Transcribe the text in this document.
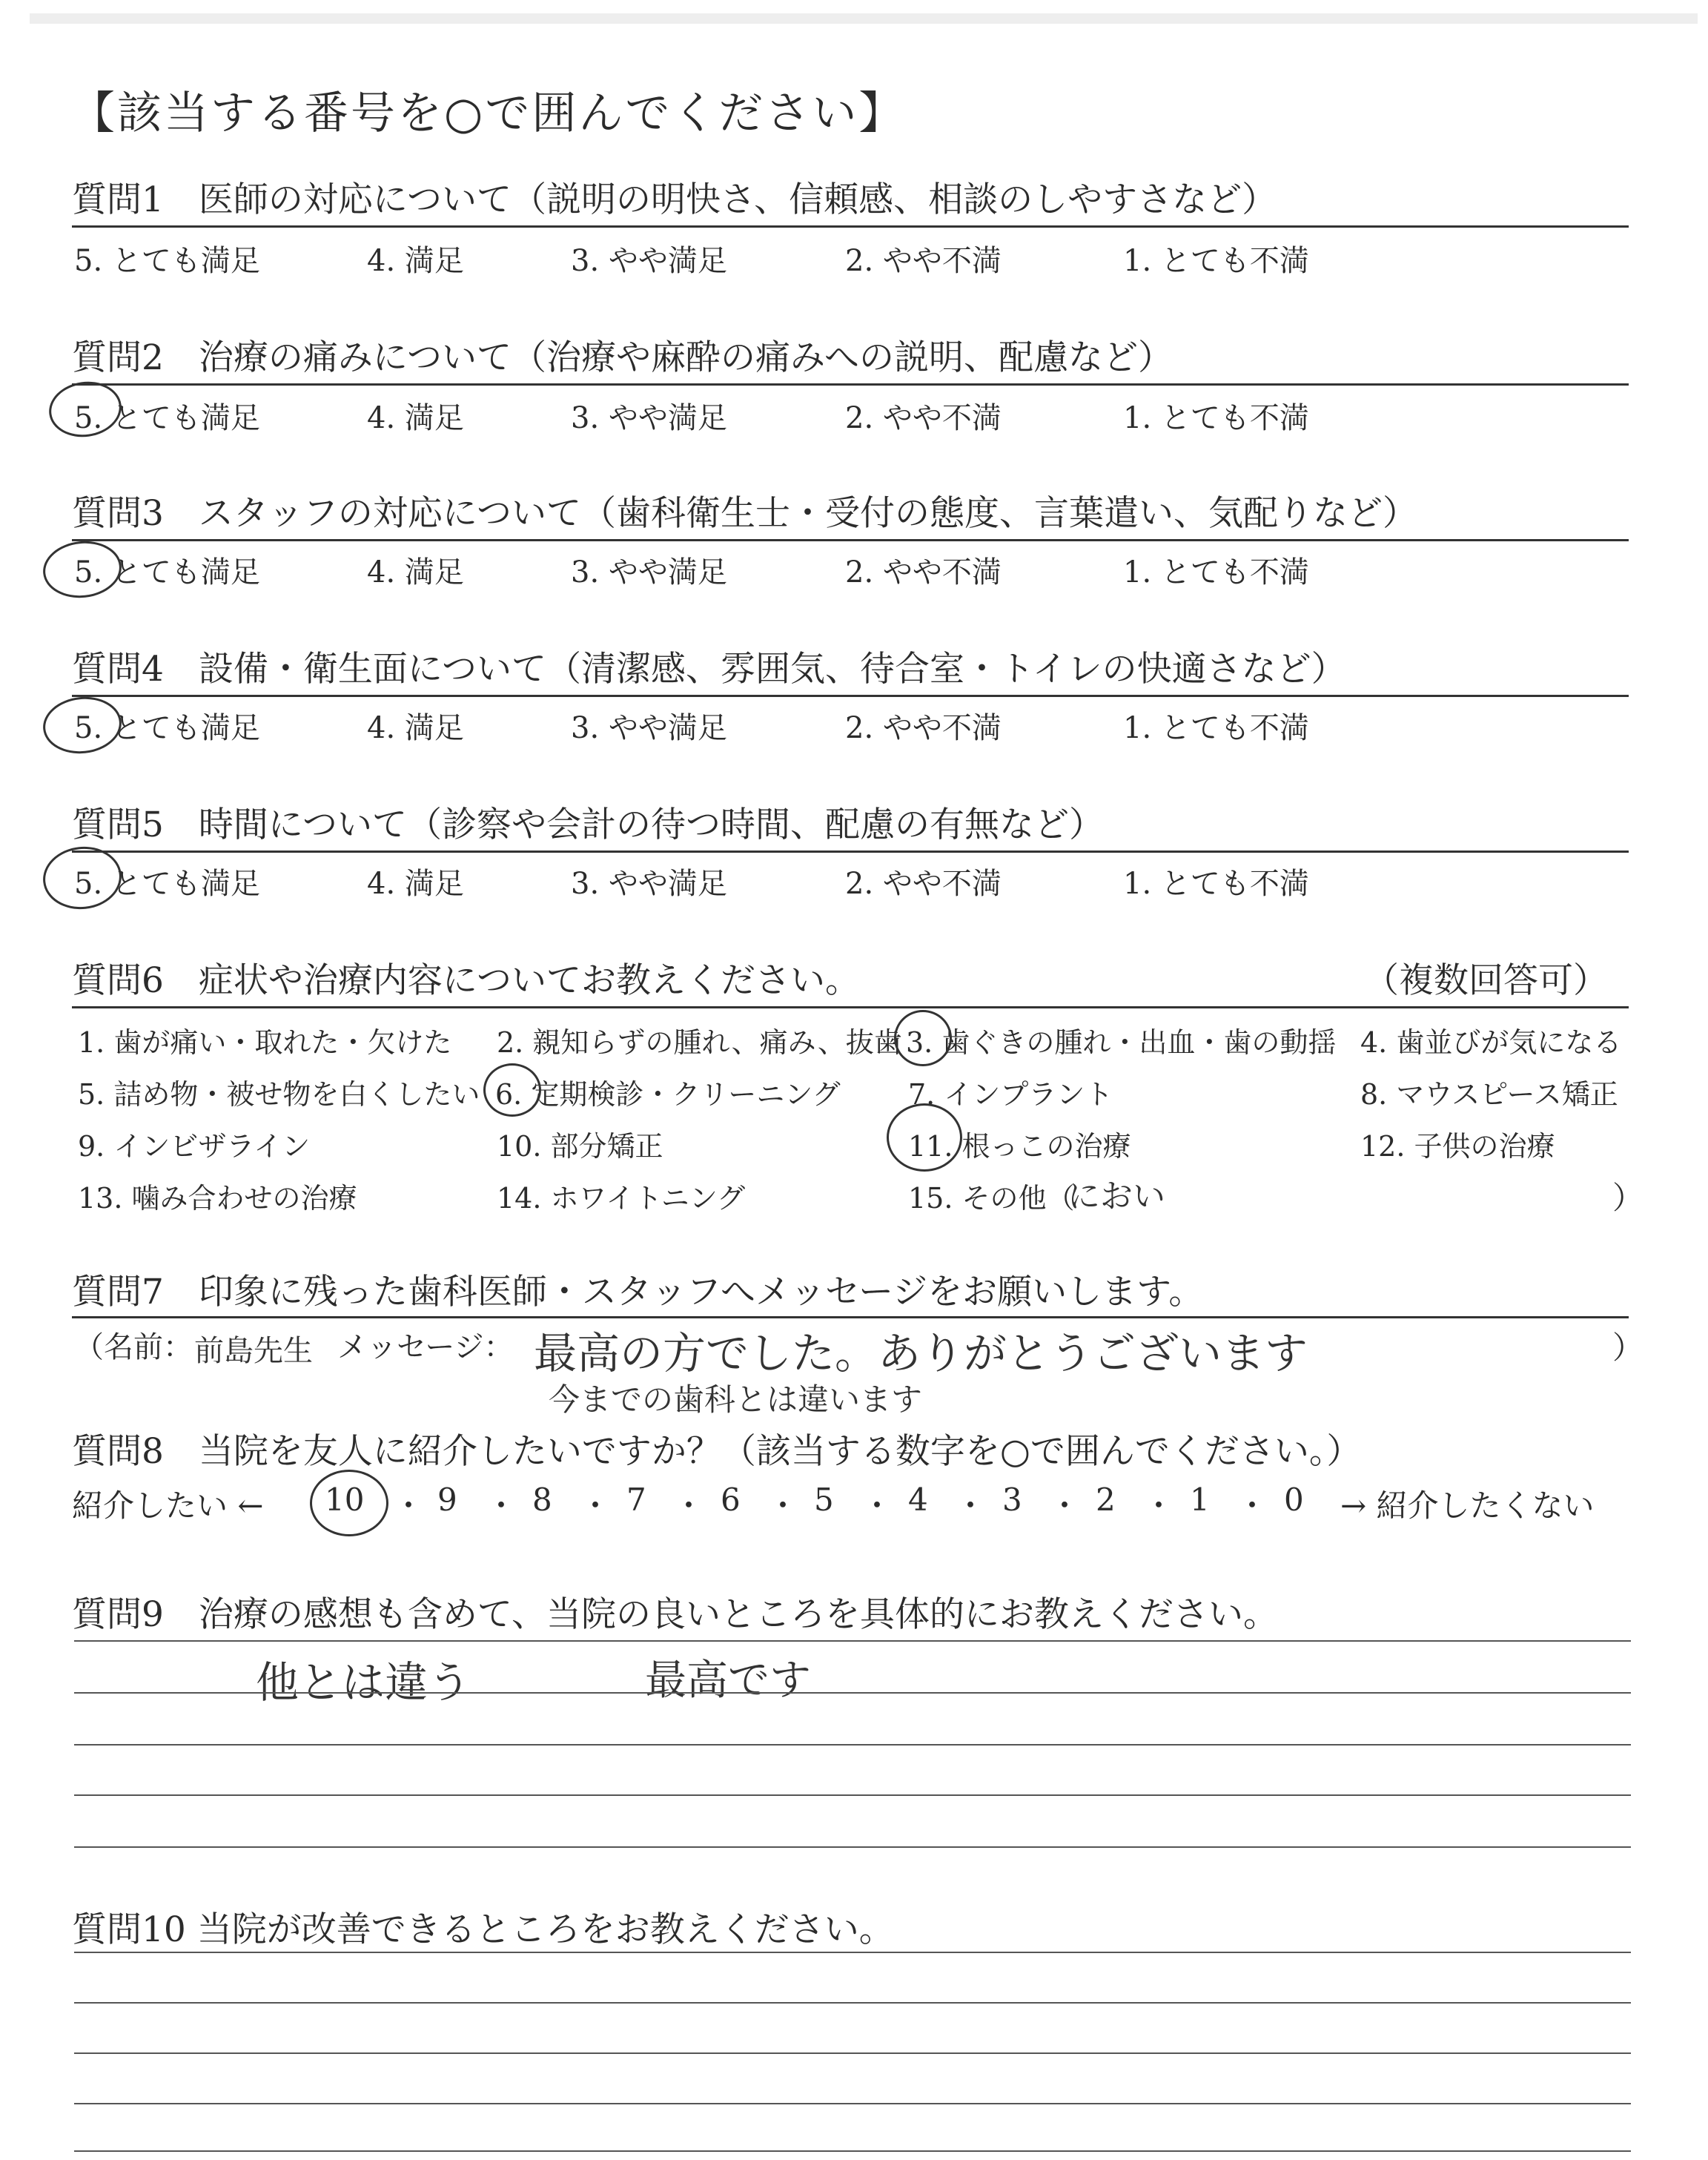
【該当する番号を○で囲んでください】
質問1　医師の対応について（説明の明快さ、信頼感、相談のしやすさなど）
5. とても満足	4. 満足	3. やや満足	2. やや不満	1. とても不満
質問2　治療の痛みについて（治療や麻酔の痛みへの説明、配慮など）
5. とても満足	4. 満足	3. やや満足	2. やや不満	1. とても不満
質問3　スタッフの対応について（歯科衛生士・受付の態度、言葉遣い、気配りなど）
5. とても満足	4. 満足	3. やや満足	2. やや不満	1. とても不満
質問4　設備・衛生面について（清潔感、雰囲気、待合室・トイレの快適さなど）
5. とても満足	4. 満足	3. やや満足	2. やや不満	1. とても不満
質問5　時間について（診察や会計の待つ時間、配慮の有無など）
5. とても満足	4. 満足	3. やや満足	2. やや不満	1. とても不満
質問6　症状や治療内容についてお教えください。	（複数回答可）
1. 歯が痛い・取れた・欠けた 2. 親知らずの腫れ、痛み、抜歯 3. 歯ぐきの腫れ・出血・歯の動揺 4. 歯並びが気になる
5. 詰め物・被せ物を白くしたい 6. 定期検診・クリーニング 7. インプラント	8. マウスピース矯正
9. インビザライン	10. 部分矯正	11. 根っこの治療	12. 子供の治療
13. 噛み合わせの治療	14. ホワイトニング	15. その他（
におい	）
質問7　印象に残った歯科医師・スタッフへメッセージをお願いします。
（名前： 前島先生 メッセージ： 最高の方でした。ありがとうございます
今までの歯科とは違います
）
質問8　当院を友人に紹介したいですか？（該当する数字を○で囲んでください。）
紹介したい ← 10 ・ 9 ・ 8 ・ 7 ・ 6 ・ 5 ・ 4 ・ 3 ・ 2 ・ 1 ・ 0 → 紹介したくない
質問9　治療の感想も含めて、当院の良いところを具体的にお教えください。
他とは違う	最高です
質問10 当院が改善できるところをお教えください。
